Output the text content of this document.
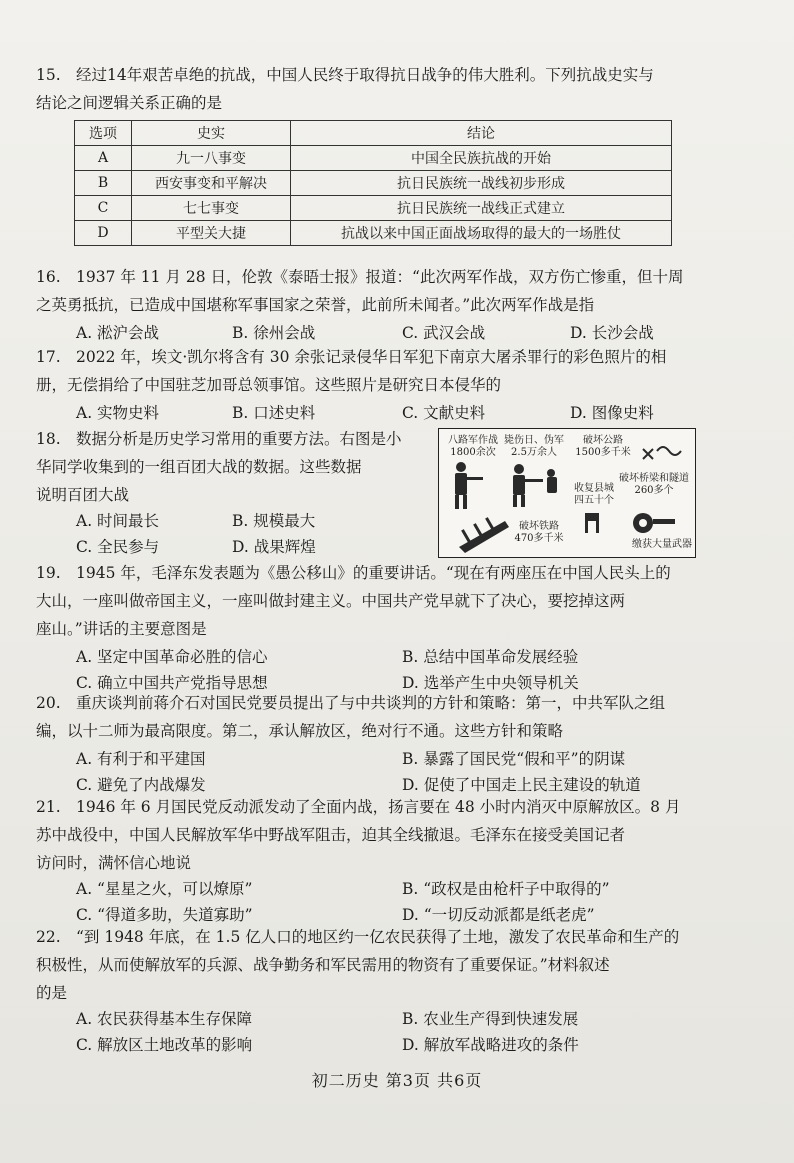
15. 经过14年艰苦卓绝的抗战，中国人民终于取得抗日战争的伟大胜利。下列抗战史实与
结论之间逻辑关系正确的是
选项	史实	结论
A	九一八事变	中国全民族抗战的开始
B	西安事变和平解决	抗日民族统一战线初步形成
C	七七事变	抗日民族统一战线正式建立
D	平型关大捷	抗战以来中国正面战场取得的最大的一场胜仗
16. 1937 年 11 月 28 日，伦敦《泰晤士报》报道：“此次两军作战，双方伤亡惨重，但十周
之英勇抵抗，已造成中国堪称军事国家之荣誉，此前所未闻者。”此次两军作战是指
A. 淞沪会战	B. 徐州会战	C. 武汉会战	D. 长沙会战
17. 2022 年，埃文·凯尔将含有 30 余张记录侵华日军犯下南京大屠杀罪行的彩色照片的相
册，无偿捐给了中国驻芝加哥总领事馆。这些照片是研究日本侵华的
A. 实物史料	B. 口述史料	C. 文献史料	D. 图像史料
18. 数据分析是历史学习常用的重要方法。右图是小
华同学收集到的一组百团大战的数据。这些数据
说明百团大战
A. 时间最长	B. 规模最大
C. 全民参与	D. 战果辉煌
八路军作战
1800余次
毙伤日、伪军
2.5万余人
破坏公路
1500多千米
破坏桥梁和隧道
260多个
收复县城
四五十个
破坏铁路
470多千米
缴获大量武器
19. 1945 年，毛泽东发表题为《愚公移山》的重要讲话。“现在有两座压在中国人民头上的
大山，一座叫做帝国主义，一座叫做封建主义。中国共产党早就下了决心，要挖掉这两
座山。”讲话的主要意图是
A. 坚定中国革命必胜的信心	B. 总结中国革命发展经验
C. 确立中国共产党指导思想	D. 选举产生中央领导机关
20. 重庆谈判前蒋介石对国民党要员提出了与中共谈判的方针和策略：第一，中共军队之组
编，以十二师为最高限度。第二，承认解放区，绝对行不通。这些方针和策略
A. 有利于和平建国	B. 暴露了国民党“假和平”的阴谋
C. 避免了内战爆发	D. 促使了中国走上民主建设的轨道
21. 1946 年 6 月国民党反动派发动了全面内战，扬言要在 48 小时内消灭中原解放区。8 月
苏中战役中，中国人民解放军华中野战军阻击，迫其全线撤退。毛泽东在接受美国记者
访问时，满怀信心地说
A. “星星之火，可以燎原”	B. “政权是由枪杆子中取得的”
C. “得道多助，失道寡助”	D. “一切反动派都是纸老虎”
22. “到 1948 年底，在 1.5 亿人口的地区约一亿农民获得了土地，激发了农民革命和生产的
积极性，从而使解放军的兵源、战争勤务和军民需用的物资有了重要保证。”材料叙述
的是
A. 农民获得基本生存保障	B. 农业生产得到快速发展
C. 解放区土地改革的影响	D. 解放军战略进攻的条件
初二历史 第3页 共6页
